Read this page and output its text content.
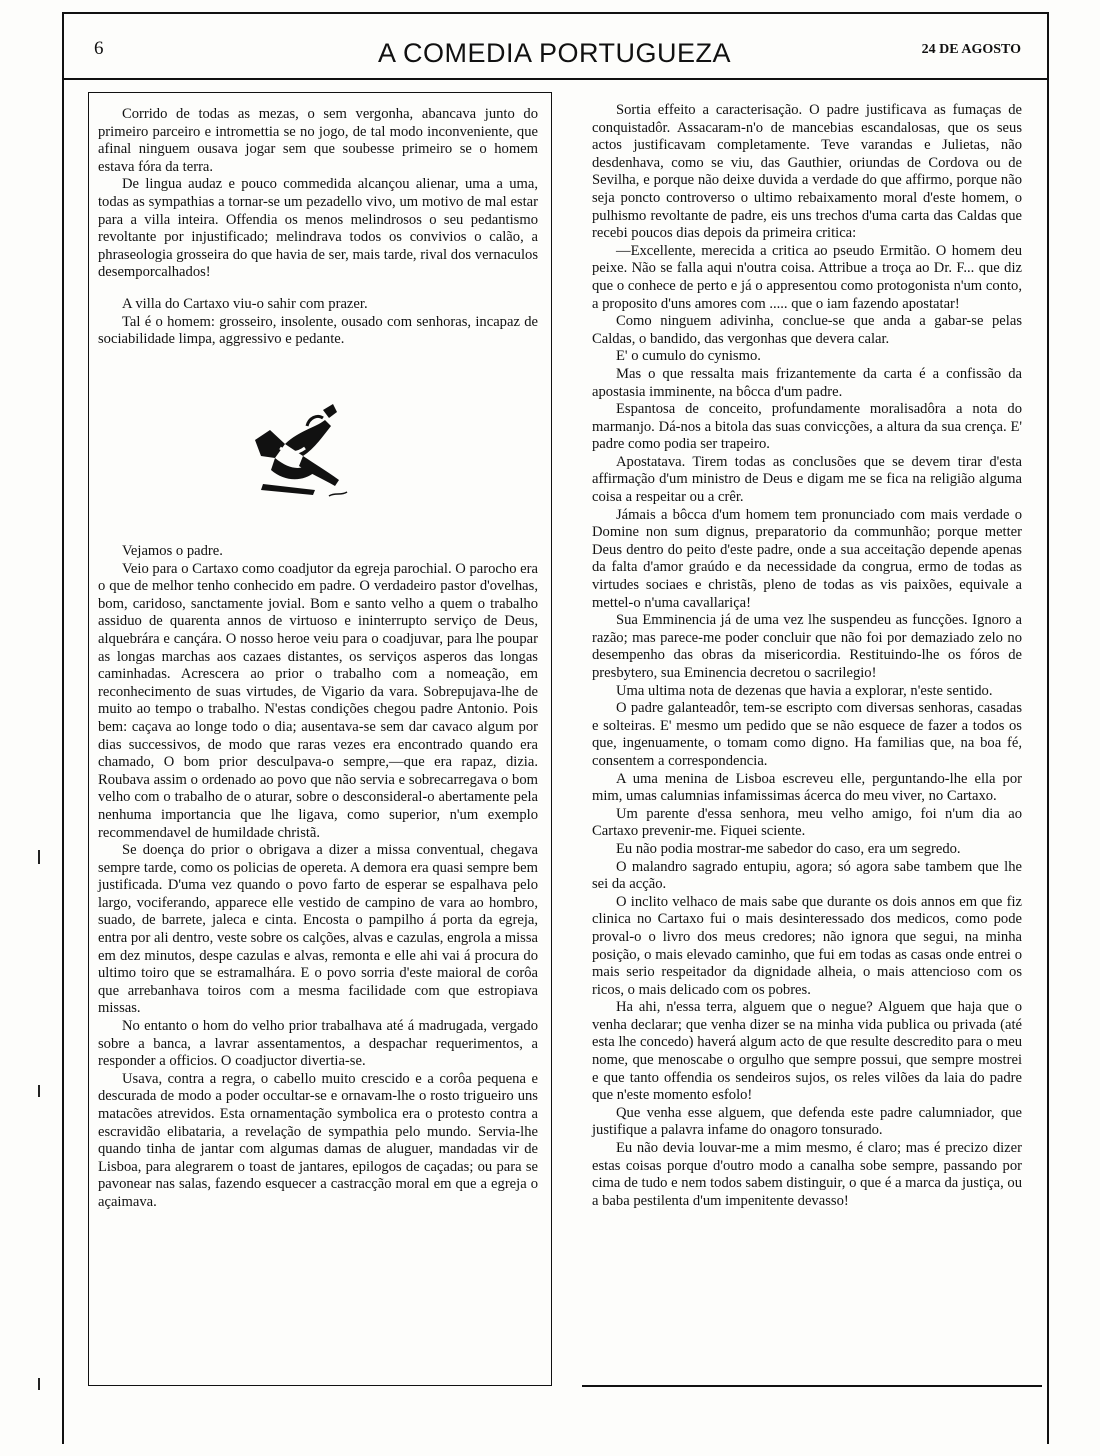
6	A COMEDIA PORTUGUEZA	24 DE AGOSTO

Corrido de todas as mezas, o sem vergonha, abancava junto do primeiro parceiro e intromettia se no jogo, de tal modo inconveniente, que afinal ninguem ousava jogar sem que soubesse primeiro se o homem estava fóra da terra.

De lingua audaz e pouco commedida alcançou alienar, uma a uma, todas as sympathias a tornar-se um pezadello vivo, um motivo de mal estar para a villa inteira. Offendia os menos melindrosos o seu pedantismo revoltante por injustificado; melindrava todos os convivios o calão, a phraseologia grosseira do que havia de ser, mais tarde, rival dos vernaculos desemporcalhados!

A villa do Cartaxo viu-o sahir com prazer.

Tal é o homem: grosseiro, insolente, ousado com senhoras, incapaz de sociabilidade limpa, aggressivo e pedante.

Vejamos o padre.

Veio para o Cartaxo como coadjutor da egreja parochial. O parocho era o que de melhor tenho conhecido em padre. O verdadeiro pastor d'ovelhas, bom, caridoso, sanctamente jovial. Bom e santo velho a quem o trabalho assiduo de quarenta annos de virtuoso e ininterrupto serviço de Deus, alquebrára e cançára. O nosso heroe veiu para o coadjuvar, para lhe poupar as longas marchas aos cazaes distantes, os serviços asperos das longas caminhadas. Acrescera ao prior o trabalho com a nomeação, em reconhecimento de suas virtudes, de Vigario da vara. Sobrepujava-lhe de muito ao tempo o trabalho. N'estas condições chegou padre Antonio. Pois bem: caçava ao longe todo o dia; ausentava-se sem dar cavaco algum por dias successivos, de modo que raras vezes era encontrado quando era chamado, O bom prior desculpava-o sempre,—que era rapaz, dizia. Roubava assim o ordenado ao povo que não servia e sobrecarregava o bom velho com o trabalho de o aturar, sobre o desconsideral-o abertamente pela nenhuma importancia que lhe ligava, como superior, n'um exemplo recommendavel de humildade christã.

Se doença do prior o obrigava a dizer a missa conventual, chegava sempre tarde, como os policias de opereta. A demora era quasi sempre bem justificada. D'uma vez quando o povo farto de esperar se espalhava pelo largo, vociferando, apparece elle vestido de campino de vara ao hombro, suado, de barrete, jaleca e cinta. Encosta o pampilho á porta da egreja, entra por ali dentro, veste sobre os calções, alvas e cazulas, engrola a missa em dez minutos, despe cazulas e alvas, remonta e elle ahi vai á procura do ultimo toiro que se estramalhára. E o povo sorria d'este maioral de corôa que arrebanhava toiros com a mesma facilidade com que estropiava missas.

No entanto o hom do velho prior trabalhava até á madrugada, vergado sobre a banca, a lavrar assentamentos, a despachar requerimentos, a responder a officios. O coadjuctor divertia-se.

Usava, contra a regra, o cabello muito crescido e a corôa pequena e descurada de modo a poder occultar-se e ornavam-lhe o rosto trigueiro uns matacões atrevidos. Esta ornamentação symbolica era o protesto contra a escravidão elibataria, a revelação de sympathia pelo mundo. Servia-lhe quando tinha de jantar com algumas damas de aluguer, mandadas vir de Lisboa, para alegrarem o toast de jantares, epilogos de caçadas; ou para se pavonear nas salas, fazendo esquecer a castracção moral em que a egreja o açaimava.

Sortia effeito a caracterisação. O padre justificava as fumaças de conquistadôr. Assacaram-n'o de mancebias escandalosas, que os seus actos justificavam completamente. Teve varandas e Julietas, não desdenhava, como se viu, das Gauthier, oriundas de Cordova ou de Sevilha, e porque não deixe duvida a verdade do que affirmo, porque não seja poncto controverso o ultimo rebaixamento moral d'este homem, o pulhismo revoltante de padre, eis uns trechos d'uma carta das Caldas que recebi poucos dias depois da primeira critica:

—Excellente, merecida a critica ao pseudo Ermitão. O homem deu peixe. Não se falla aqui n'outra coisa. Attribue a troça ao Dr. F... que diz que o conhece de perto e já o appresentou como protogonista n'um conto, a proposito d'uns amores com ..... que o iam fazendo apostatar!

Como ninguem adivinha, conclue-se que anda a gabar-se pelas Caldas, o bandido, das vergonhas que devera calar.

E' o cumulo do cynismo.

Mas o que ressalta mais frizantemente da carta é a confissão da apostasia imminente, na bôcca d'um padre.

Espantosa de conceito, profundamente moralisadôra a nota do marmanjo. Dá-nos a bitola das suas convicções, a altura da sua crença. E' padre como podia ser trapeiro.

Apostatava. Tirem todas as conclusões que se devem tirar d'esta affirmação d'um ministro de Deus e digam me se fica na religião alguma coisa a respeitar ou a crêr.

Jámais a bôcca d'um homem tem pronunciado com mais verdade o Domine non sum dignus, preparatorio da communhão; porque metter Deus dentro do peito d'este padre, onde a sua acceitação depende apenas da falta d'amor graúdo e da necessidade da congrua, ermo de todas as virtudes sociaes e christãs, pleno de todas as vis paixões, equivale a mettel-o n'uma cavallariça!

Sua Emminencia já de uma vez lhe suspendeu as funcções. Ignoro a razão; mas parece-me poder concluir que não foi por demaziado zelo no desempenho das obras da misericordia. Restituindo-lhe os fóros de presbytero, sua Eminencia decretou o sacrilegio!

Uma ultima nota de dezenas que havia a explorar, n'este sentido.

O padre galanteadôr, tem-se escripto com diversas senhoras, casadas e solteiras. E' mesmo um pedido que se não esquece de fazer a todos os que, ingenuamente, o tomam como digno. Ha familias que, na boa fé, consentem a correspondencia.

A uma menina de Lisboa escreveu elle, perguntando-lhe ella por mim, umas calumnias infamissimas ácerca do meu viver, no Cartaxo.

Um parente d'essa senhora, meu velho amigo, foi n'um dia ao Cartaxo prevenir-me. Fiquei sciente.

Eu não podia mostrar-me sabedor do caso, era um segredo.

O malandro sagrado entupiu, agora; só agora sabe tambem que lhe sei da acção.

O inclito velhaco de mais sabe que durante os dois annos em que fiz clinica no Cartaxo fui o mais desinteressado dos medicos, como pode proval-o o livro dos meus credores; não ignora que segui, na minha posição, o mais elevado caminho, que fui em todas as casas onde entrei o mais serio respeitador da dignidade alheia, o mais attencioso com os ricos, o mais delicado com os pobres.

Ha ahi, n'essa terra, alguem que o negue? Alguem que haja que o venha declarar; que venha dizer se na minha vida publica ou privada (até esta lhe concedo) haverá algum acto de que resulte descredito para o meu nome, que menoscabe o orgulho que sempre possui, que sempre mostrei e que tanto offendia os sendeiros sujos, os reles vilões da laia do padre que n'este momento esfolo!

Que venha esse alguem, que defenda este padre calumniador, que justifique a palavra infame do onagoro tonsurado.

Eu não devia louvar-me a mim mesmo, é claro; mas é precizo dizer estas coisas porque d'outro modo a canalha sobe sempre, passando por cima de tudo e nem todos sabem distinguir, o que é a marca da justiça, ou a baba pestilenta d'um impenitente devasso!
